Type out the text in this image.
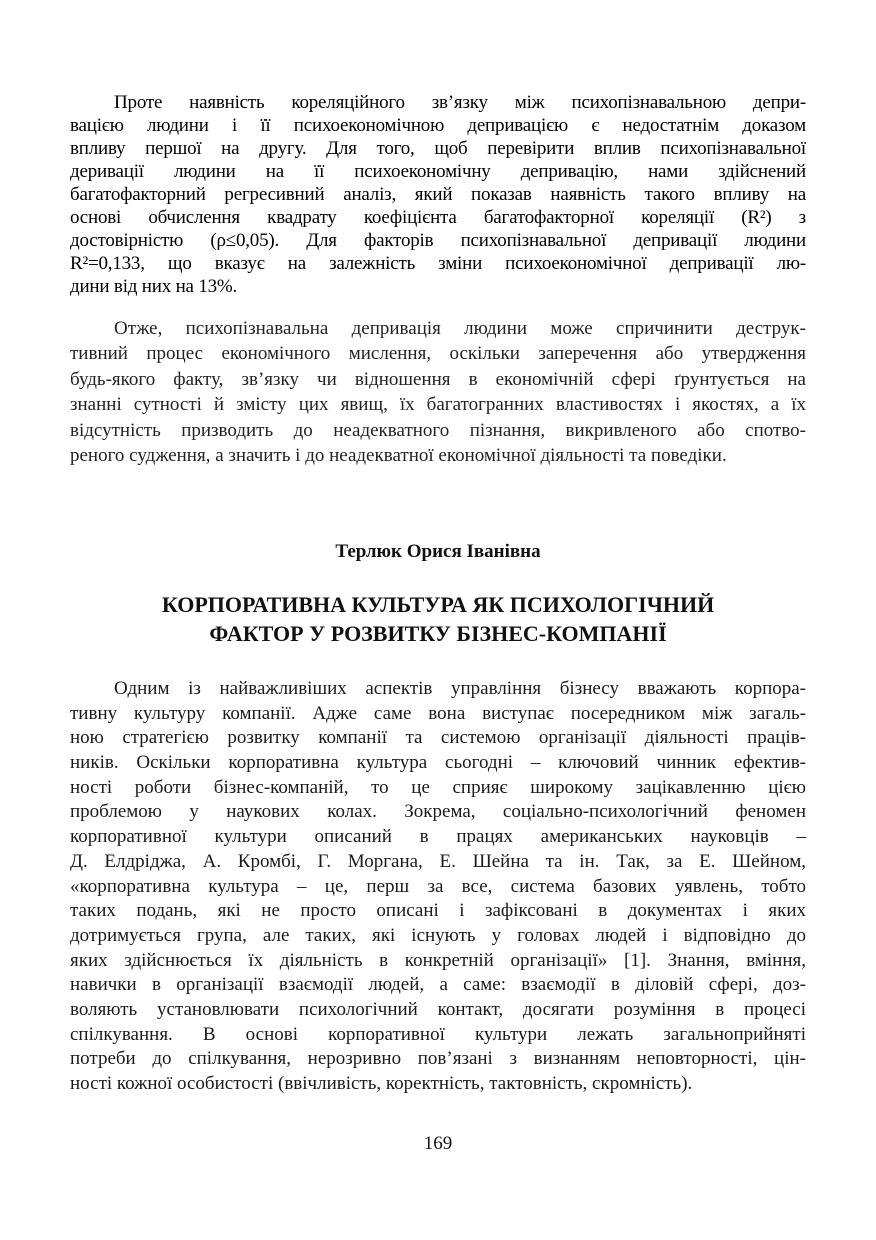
Проте наявність кореляційного зв’язку між психопізнавальною депри-
вацією людини і її психоекономічною депривацією є недостатнім доказом
впливу першої на другу. Для того, щоб перевірити вплив психопізнавальної
деривації людини на її психоекономічну депривацію, нами здійснений
багатофакторний регресивний аналіз, який показав наявність такого впливу на
основі обчислення квадрату коефіцієнта багатофакторної кореляції (R²) з
достовірністю (ρ≤0,05). Для факторів психопізнавальної депривації людини
R²=0,133, що вказує на залежність зміни психоекономічної депривації лю-
дини від них на 13%.
Отже, психопізнавальна депривація людини може спричинити деструк-
тивний процес економічного мислення, оскільки заперечення або утвердження
будь-якого факту, зв’язку чи відношення в економічній сфері ґрунтується на
знанні сутності й змісту цих явищ, їх багатогранних властивостях і якостях, а їх
відсутність призводить до неадекватного пізнання, викривленого або спотво-
реного судження, а значить і до неадекватної економічної діяльності та поведіки.
Терлюк Орися Іванівна
КОРПОРАТИВНА КУЛЬТУРА ЯК ПСИХОЛОГІЧНИЙ
ФАКТОР У РОЗВИТКУ БІЗНЕС-КОМПАНІЇ
Одним із найважливіших аспектів управління бізнесу вважають корпора-
тивну культуру компанії. Адже саме вона виступає посередником між загаль-
ною стратегією розвитку компанії та системою організації діяльності праців-
ників. Оскільки корпоративна культура сьогодні – ключовий чинник ефектив-
ності роботи бізнес-компаній, то це сприяє широкому зацікавленню цією
проблемою у наукових колах. Зокрема, соціально-психологічний феномен
корпоративної культури описаний в працях американських науковців –
Д. Елдріджа, А. Кромбі, Г. Моргана, Е. Шейна та ін. Так, за Е. Шейном,
«корпоративна культура – це, перш за все, система базових уявлень, тобто
таких подань, які не просто описані і зафіксовані в документах і яких
дотримується група, але таких, які існують у головах людей і відповідно до
яких здійснюється їх діяльність в конкретній організації» [1]. Знання, вміння,
навички в організації взаємодії людей, а саме: взаємодії в діловій сфері, доз-
воляють установлювати психологічний контакт, досягати розуміння в процесі
спілкування. В основі корпоративної культури лежать загальноприйняті
потреби до спілкування, нерозривно пов’язані з визнанням неповторності, цін-
ності кожної особистості (ввічливість, коректність, тактовність, скромність).
169
